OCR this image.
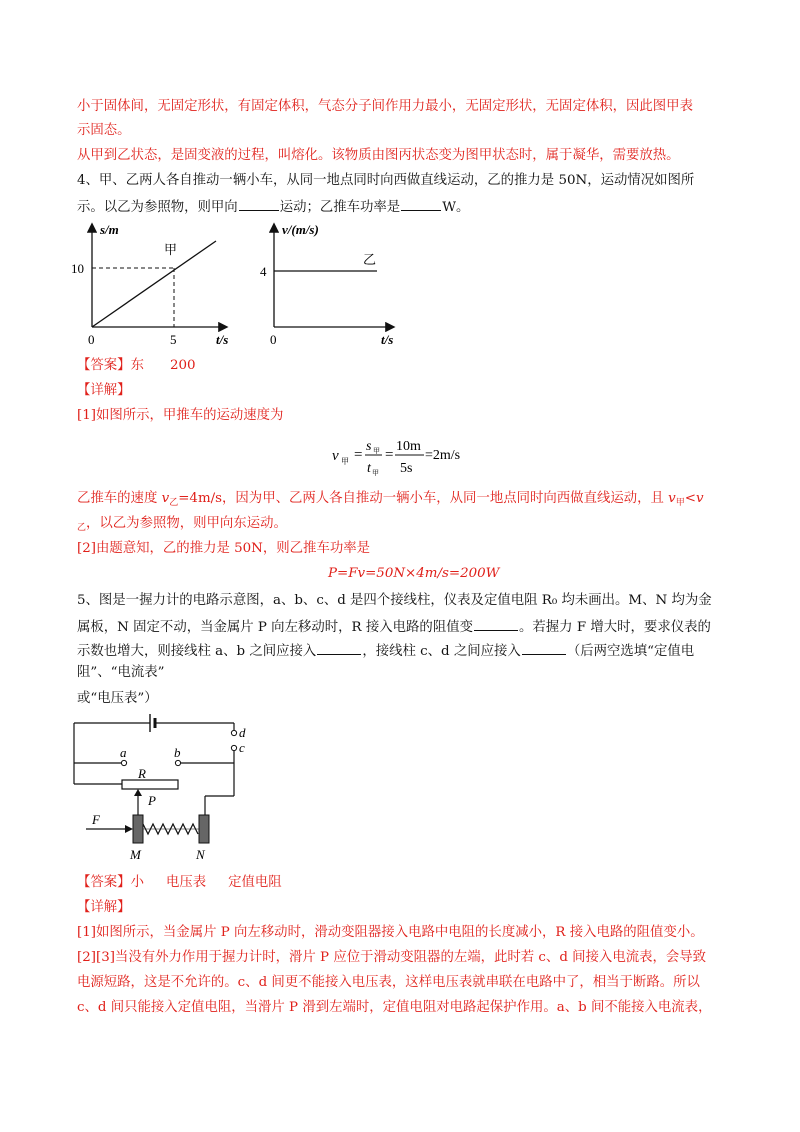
小于固体间，无固定形状，有固定体积，气态分子间作用力最小，无固定形状，无固定体积，因此图甲表
示固态。
从甲到乙状态，是固变液的过程，叫熔化。该物质由图丙状态变为图甲状态时，属于凝华，需要放热。
4、甲、乙两人各自推动一辆小车，从同一地点同时向西做直线运动，乙的推力是 50N，运动情况如图所
示。以乙为参照物，则甲向	运动；乙推车功率是	W。
s/m
甲
10
5
0	t/s
v/(m/s)
乙
4
0	t/s
【答案】东 200
【详解】
[1]如图所示，甲推车的运动速度为
v 甲 =
s 甲
t 甲
=
10m
5s
=2m/s
乙推车的速度 $v_乙=4m/s$，因为甲、乙两人各自推动一辆小车，从同一地点同时向西做直线运动，且 $v_甲<v$
$_乙$，以乙为参照物，则甲向东运动。
[2]由题意知，乙的推力是 50N，则乙推车功率是
P=Fv=50N×4m/s=200W
5、图是一握力计的电路示意图，a、b、c、d 是四个接线柱，仪表及定值电阻 R₀ 均未画出。M、N 均为金
属板，N 固定不动，当金属片 P 向左移动时，R 接入电路的阻值变	。若握力 F 增大时，要求仪表的
示数也增大，则接线柱 a、b 之间应接入	，接线柱 c、d 之间应接入	（后两空选填“定值电
阻”、“电流表”
或“电压表”）
d
c
a	b
R
P
M	N
F
【答案】小 电压表 定值电阻
【详解】
[1]如图所示，当金属片 P 向左移动时，滑动变阻器接入电路中电阻的长度减小，R 接入电路的阻值变小。
[2][3]当没有外力作用于握力计时，滑片 P 应位于滑动变阻器的左端，此时若 c、d 间接入电流表，会导致
电源短路，这是不允许的。c、d 间更不能接入电压表，这样电压表就串联在电路中了，相当于断路。所以
c、d 间只能接入定值电阻，当滑片 P 滑到左端时，定值电阻对电路起保护作用。a、b 间不能接入电流表，
